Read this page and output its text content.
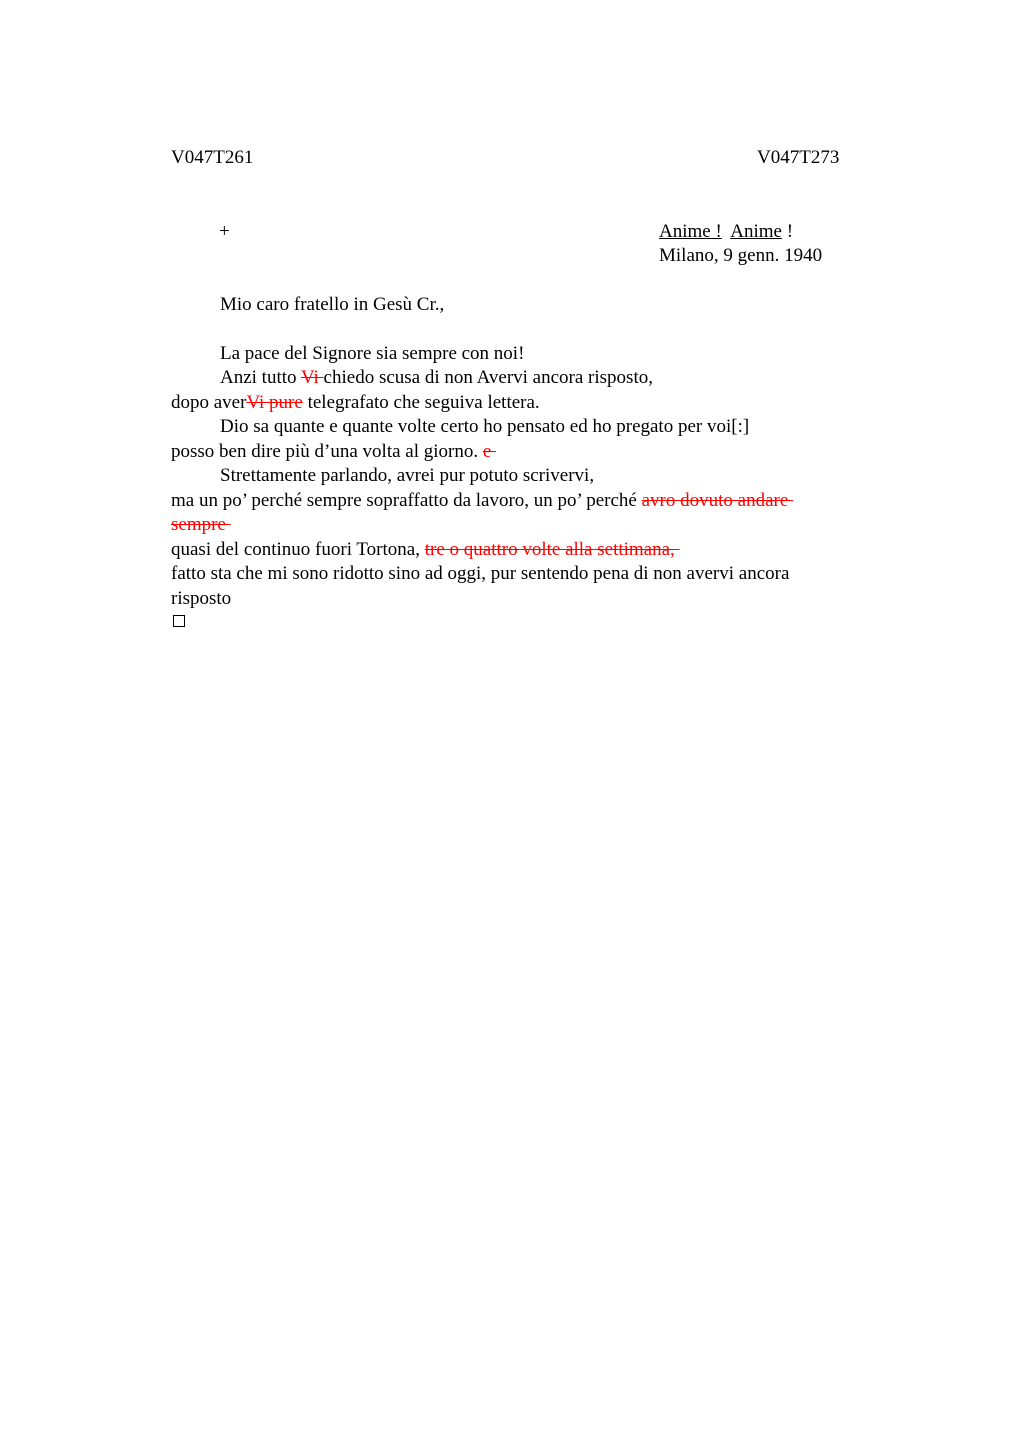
V047T261	V047T273
+	Anime ! Anime !
Milano, 9 genn. 1940
Mio caro fratello in Gesù Cr.,
La pace del Signore sia sempre con noi!
Anzi tutto Vi chiedo scusa di non Avervi ancora risposto,
dopo averVi pure telegrafato che seguiva lettera.
Dio sa quante e quante volte certo ho pensato ed ho pregato per voi[:]
posso ben dire più d’una volta al giorno. e
Strettamente parlando, avrei pur potuto scrivervi,
ma un po’ perché sempre sopraffatto da lavoro, un po’ perché avro dovuto andare
sempre
quasi del continuo fuori Tortona, tre o quattro volte alla settimana,
fatto sta che mi sono ridotto sino ad oggi, pur sentendo pena di non avervi ancora
risposto
